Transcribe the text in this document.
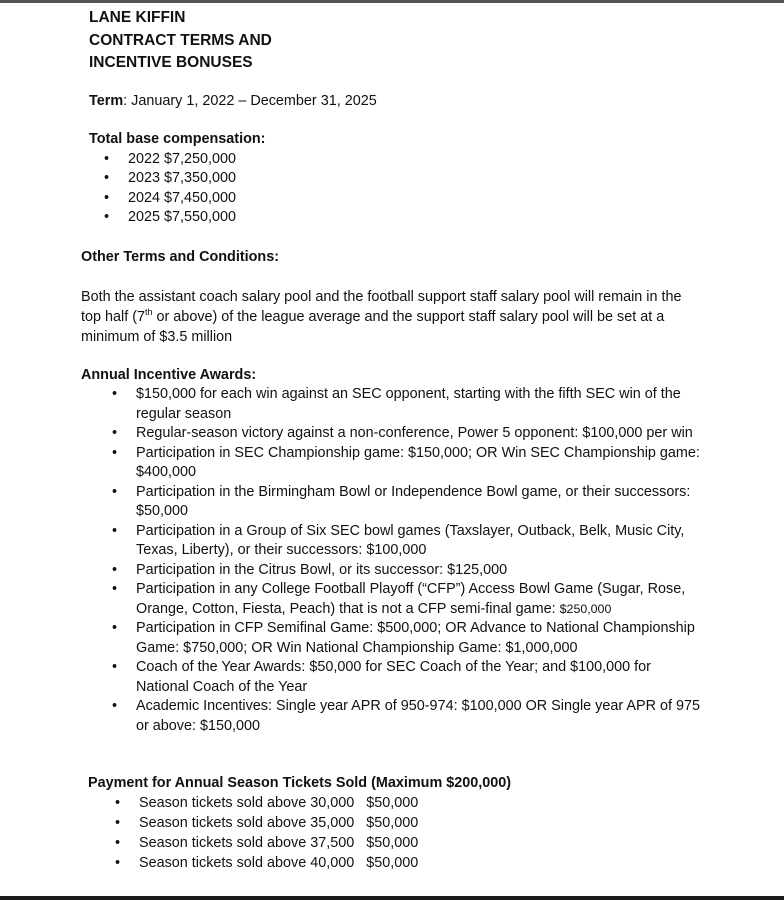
LANE KIFFIN
CONTRACT TERMS AND
INCENTIVE BONUSES
Term: January 1, 2022 – December 31, 2025
Total base compensation:
• 2022 $7,250,000
• 2023 $7,350,000
• 2024 $7,450,000
• 2025 $7,550,000
Other Terms and Conditions:
Both the assistant coach salary pool and the football support staff salary pool will remain in the top half (7th or above) of the league average and the support staff salary pool will be set at a minimum of $3.5 million
Annual Incentive Awards:
• $150,000 for each win against an SEC opponent, starting with the fifth SEC win of the regular season
• Regular-season victory against a non-conference, Power 5 opponent: $100,000 per win
• Participation in SEC Championship game: $150,000; OR Win SEC Championship game: $400,000
• Participation in the Birmingham Bowl or Independence Bowl game, or their successors: $50,000
• Participation in a Group of Six SEC bowl games (Taxslayer, Outback, Belk, Music City, Texas, Liberty), or their successors: $100,000
• Participation in the Citrus Bowl, or its successor: $125,000
• Participation in any College Football Playoff (“CFP”) Access Bowl Game (Sugar, Rose, Orange, Cotton, Fiesta, Peach) that is not a CFP semi-final game: $250,000
• Participation in CFP Semifinal Game: $500,000; OR Advance to National Championship Game: $750,000; OR Win National Championship Game: $1,000,000
• Coach of the Year Awards: $50,000 for SEC Coach of the Year; and $100,000 for National Coach of the Year
• Academic Incentives: Single year APR of 950-974: $100,000 OR Single year APR of 975 or above: $150,000
Payment for Annual Season Tickets Sold (Maximum $200,000)
• Season tickets sold above 30,000 $50,000
• Season tickets sold above 35,000 $50,000
• Season tickets sold above 37,500 $50,000
• Season tickets sold above 40,000 $50,000
